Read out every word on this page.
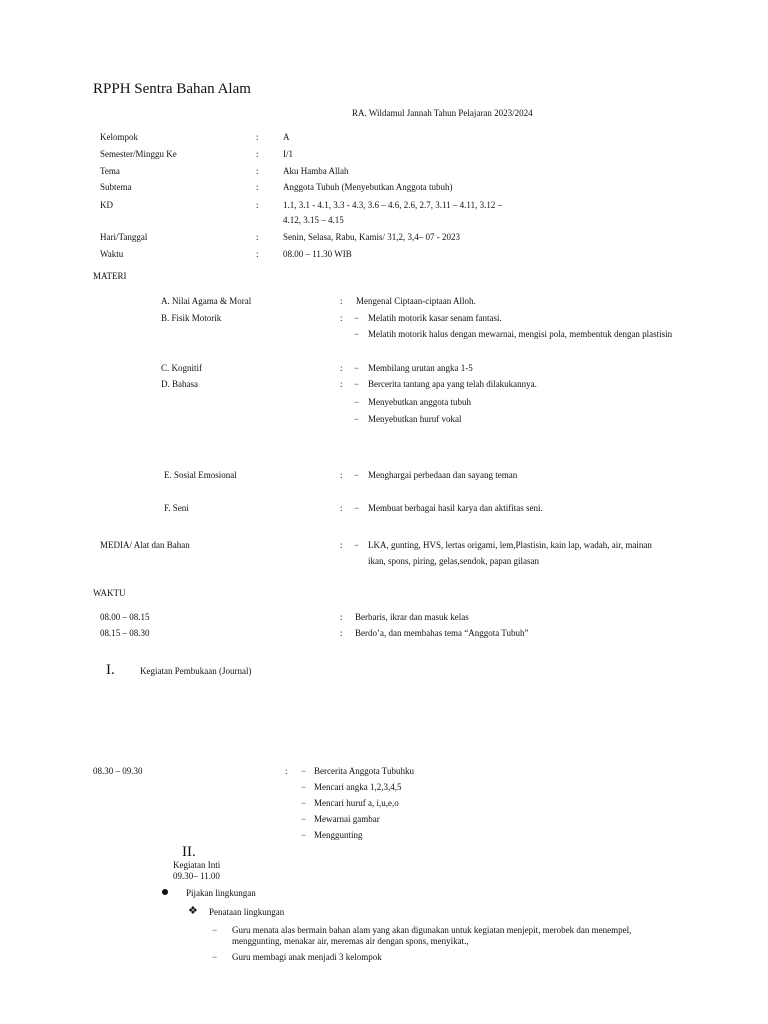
RPPH Sentra Bahan Alam
RA. Wildamul Jannah Tahun Pelajaran 2023/2024
Kelompok	:	A
Semester/Minggu Ke	:	I/1
Tema	:	Aku Hamba Allah
Subtema	:	Anggota Tubuh (Menyebutkan Anggota tubuh)
KD	:	1.1, 3.1 - 4.1, 3.3 - 4.3, 3.6 – 4.6, 2.6, 2.7, 3.11 – 4.11, 3.12 –
4.12, 3.15 – 4.15
Hari/Tanggal	:	Senin, Selasa, Rabu, Kamis/ 31,2, 3,4– 07 - 2023
Waktu	:	08.00 – 11.30 WIB
MATERI
A. Nilai Agama & Moral	: Mengenal Ciptaan-ciptaan Alloh.
B. Fisik Motorik	: − Melatih motorik kasar senam fantasi.
− Melatih motorik halus dengan mewarnai, mengisi pola, membentuk dengan plastisin
C. Kognitif	: − Membilang urutan angka 1-5
D. Bahasa	: − Bercerita tantang apa yang telah dilakukannya.
− Menyebutkan anggota tubuh
− Menyebutkan huruf vokal
E. Sosial Emosional	: − Menghargai perbedaan dan sayang teman
F. Seni	: − Membuat berbagai hasil karya dan aktifitas seni.
MEDIA/ Alat dan Bahan	: − LKA, gunting, HVS, lertas origami, lem,Plastisin, kain lap, wadah, air, mainan
ikan, spons, piring, gelas,sendok, papan gilasan
WAKTU
08.00 – 08.15	: Berbaris, ikrar dan masuk kelas
08.15 – 08.30	: Berdo’a, dan membahas tema “Anggota Tubuh”
I.	Kegiatan Pembukaan (Journal)
08.30 – 09.30	: − Bercerita Anggota Tubuhku
− Mencari angka 1,2,3,4,5
− Mencari huruf a, i,u,e,o
− Mewarnai gambar
− Menggunting
II.
Kegiatan Inti
09.30– 11.00
Pijakan lingkungan
❖ Penataan lingkungan
− Guru menata alas bermain bahan alam yang akan digunakan untuk kegiatan menjepit, merobek dan menempel,
menggunting, menakar air, meremas air dengan spons, menyikat.,
− Guru membagi anak menjadi 3 kelompok
